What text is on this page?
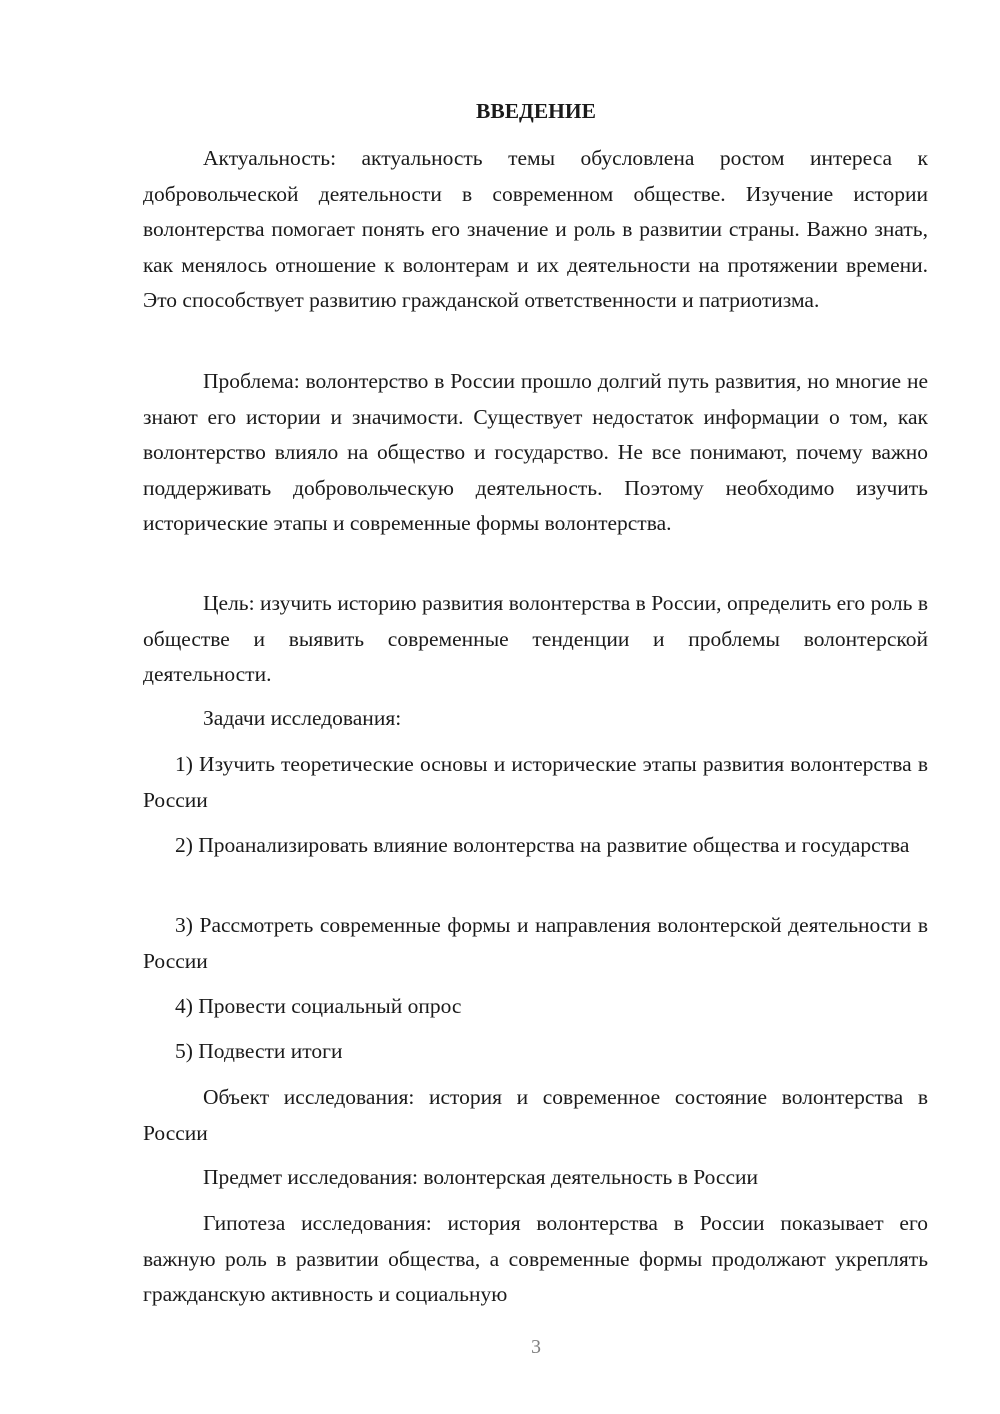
ВВЕДЕНИЕ
Актуальность: актуальность темы обусловлена ростом интереса к добровольческой деятельности в современном обществе. Изучение истории волонтерства помогает понять его значение и роль в развитии страны. Важно знать, как менялось отношение к волонтерам и их деятельности на протяжении времени. Это способствует развитию гражданской ответственности и патриотизма.
Проблема: волонтерство в России прошло долгий путь развития, но многие не знают его истории и значимости. Существует недостаток информации о том, как волонтерство влияло на общество и государство. Не все понимают, почему важно поддерживать добровольческую деятельность. Поэтому необходимо изучить исторические этапы и современные формы волонтерства.
Цель: изучить историю развития волонтерства в России, определить его роль в обществе и выявить современные тенденции и проблемы волонтерской деятельности.
Задачи исследования:
1) Изучить теоретические основы и исторические этапы развития волонтерства в России
2) Проанализировать влияние волонтерства на развитие общества и государства
3) Рассмотреть современные формы и направления волонтерской деятельности в России
4) Провести социальный опрос
5) Подвести итоги
Объект исследования: история и современное состояние волонтерства в России
Предмет исследования: волонтерская деятельность в России
Гипотеза исследования: история волонтерства в России показывает его важную роль в развитии общества, а современные формы продолжают укреплять гражданскую активность и социальную
3
